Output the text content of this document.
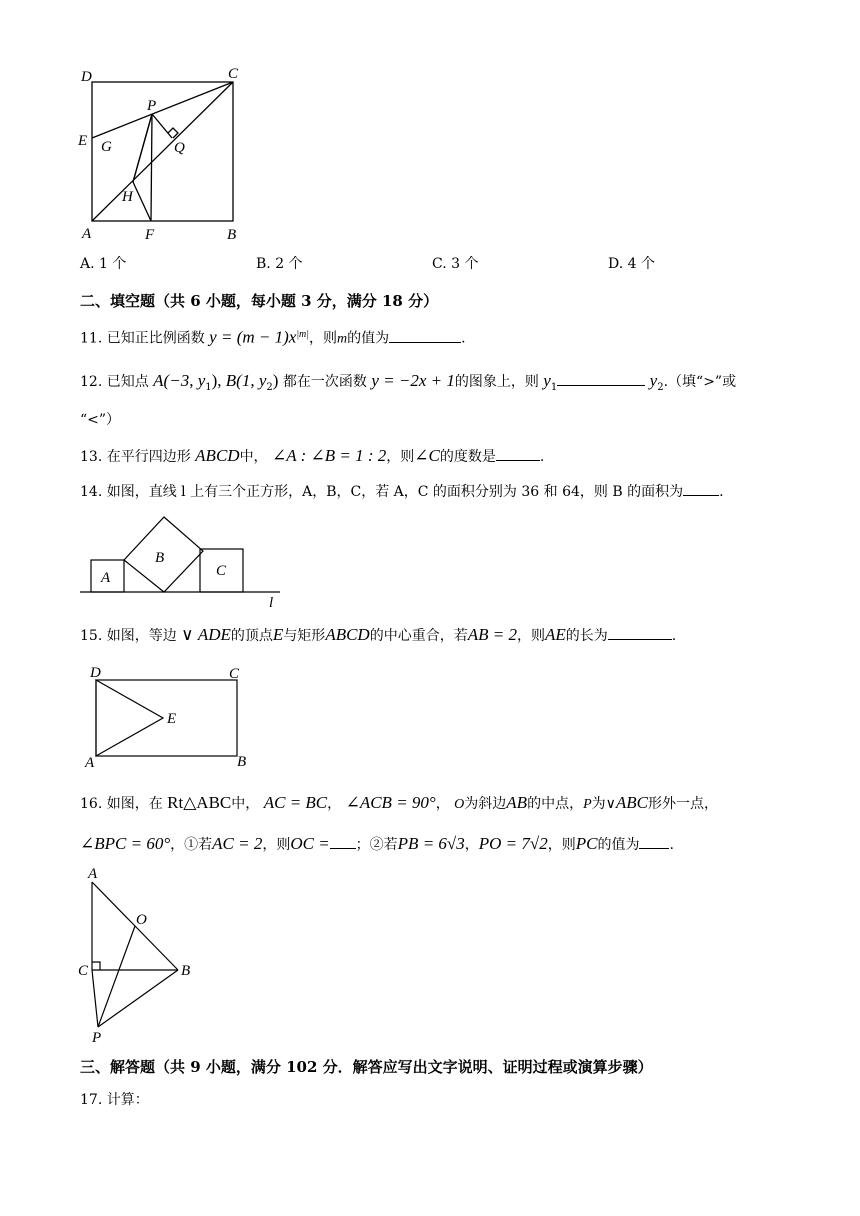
D	C
P
E G	Q
H
A	F	B
A. 1 个	B. 2 个	C. 3 个	D. 4 个
二、填空题（共 6 小题，每小题 3 分，满分 18 分）
11. 已知正比例函数 $y = (m - 1)x^{|m|}$，则m的值为	.
12. 已知点 A(−3, $y_1$), B(1, $y_2$) 都在一次函数 y = −2x + 1的图象上，则 $y_1$	$y_2$.（填“>”或
“<”）
13. 在平行四边形 ABCD中， ∠A : ∠B = 1 : 2，则∠C的度数是	.
14. 如图，直线 l 上有三个正方形，A，B，C，若 A，C 的面积分别为 36 和 64，则 B 的面积为	.
A
B
C
l
15. 如图，等边 ∨ ADE的顶点E与矩形ABCD的中心重合，若AB = 2，则AE的长为	.
D	C
E
A	B
16. 如图，在 Rt△ABC中， AC = BC， ∠ACB = 90°， O为斜边AB的中点，P为∨ABC形外一点，
∠BPC = 60°，①若AC = 2，则OC = ；②若PB = 6√3，PO = 7√2，则PC的值为 .
A
O
C	B
P
三、解答题（共 9 小题，满分 102 分．解答应写出文字说明、证明过程或演算步骤）
17. 计算：
